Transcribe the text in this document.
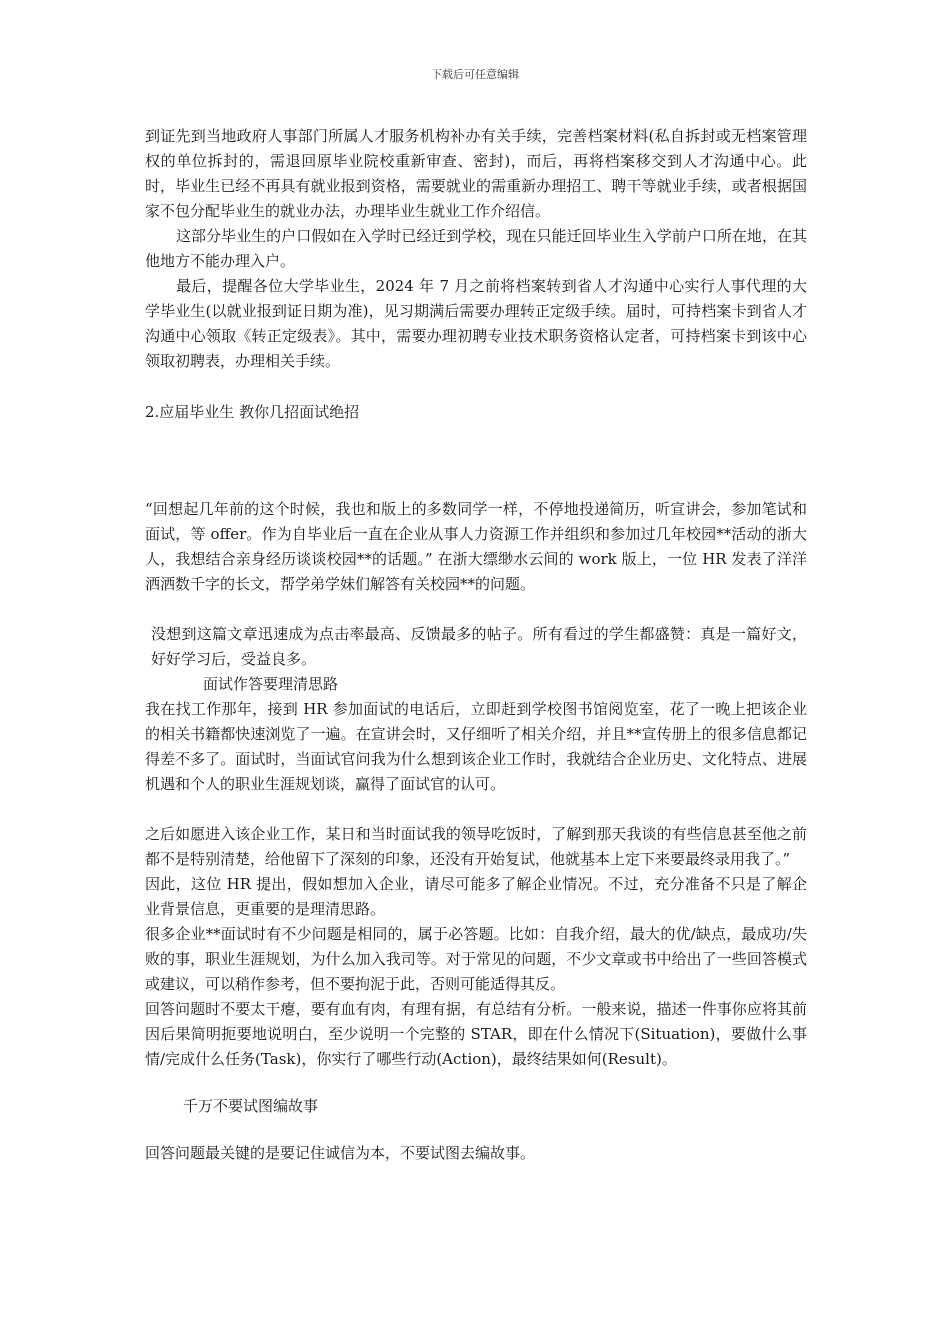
下载后可任意编辑

到证先到当地政府人事部门所属人才服务机构补办有关手续，完善档案材料(私自拆封或无档案管理权的单位拆封的，需退回原毕业院校重新审查、密封)，而后，再将档案移交到人才沟通中心。此时，毕业生已经不再具有就业报到资格，需要就业的需重新办理招工、聘干等就业手续，或者根据国家不包分配毕业生的就业办法，办理毕业生就业工作介绍信。

这部分毕业生的户口假如在入学时已经迁到学校，现在只能迁回毕业生入学前户口所在地，在其他地方不能办理入户。

最后，提醒各位大学毕业生，2024 年 7 月之前将档案转到省人才沟通中心实行人事代理的大学毕业生(以就业报到证日期为准)，见习期满后需要办理转正定级手续。届时，可持档案卡到省人才沟通中心领取《转正定级表》。其中，需要办理初聘专业技术职务资格认定者，可持档案卡到该中心领取初聘表，办理相关手续。

2.应届毕业生 教你几招面试绝招

“回想起几年前的这个时候，我也和版上的多数同学一样，不停地投递简历，听宣讲会，参加笔试和面试，等 offer。作为自毕业后一直在企业从事人力资源工作并组织和参加过几年校园**活动的浙大人，我想结合亲身经历谈谈校园**的话题。” 在浙大缥缈水云间的 work 版上，一位 HR 发表了洋洋洒洒数千字的长文，帮学弟学妹们解答有关校园**的问题。

没想到这篇文章迅速成为点击率最高、反馈最多的帖子。所有看过的学生都盛赞：真是一篇好文，好好学习后，受益良多。

面试作答要理清思路

我在找工作那年，接到 HR 参加面试的电话后，立即赶到学校图书馆阅览室，花了一晚上把该企业的相关书籍都快速浏览了一遍。在宣讲会时，又仔细听了相关介绍，并且**宣传册上的很多信息都记得差不多了。面试时，当面试官问我为什么想到该企业工作时，我就结合企业历史、文化特点、进展机遇和个人的职业生涯规划谈，赢得了面试官的认可。

之后如愿进入该企业工作，某日和当时面试我的领导吃饭时，了解到那天我谈的有些信息甚至他之前都不是特别清楚，给他留下了深刻的印象，还没有开始复试，他就基本上定下来要最终录用我了。”

因此，这位 HR 提出，假如想加入企业，请尽可能多了解企业情况。不过，充分准备不只是了解企业背景信息，更重要的是理清思路。

很多企业**面试时有不少问题是相同的，属于必答题。比如：自我介绍，最大的优/缺点，最成功/失败的事，职业生涯规划，为什么加入我司等。对于常见的问题，不少文章或书中给出了一些回答模式或建议，可以稍作参考，但不要拘泥于此，否则可能适得其反。

回答问题时不要太干瘪，要有血有肉，有理有据，有总结有分析。一般来说，描述一件事你应将其前因后果简明扼要地说明白，至少说明一个完整的 STAR，即在什么情况下(Situation)，要做什么事情/完成什么任务(Task)，你实行了哪些行动(Action)，最终结果如何(Result)。

千万不要试图编故事

回答问题最关键的是要记住诚信为本，不要试图去编故事。
